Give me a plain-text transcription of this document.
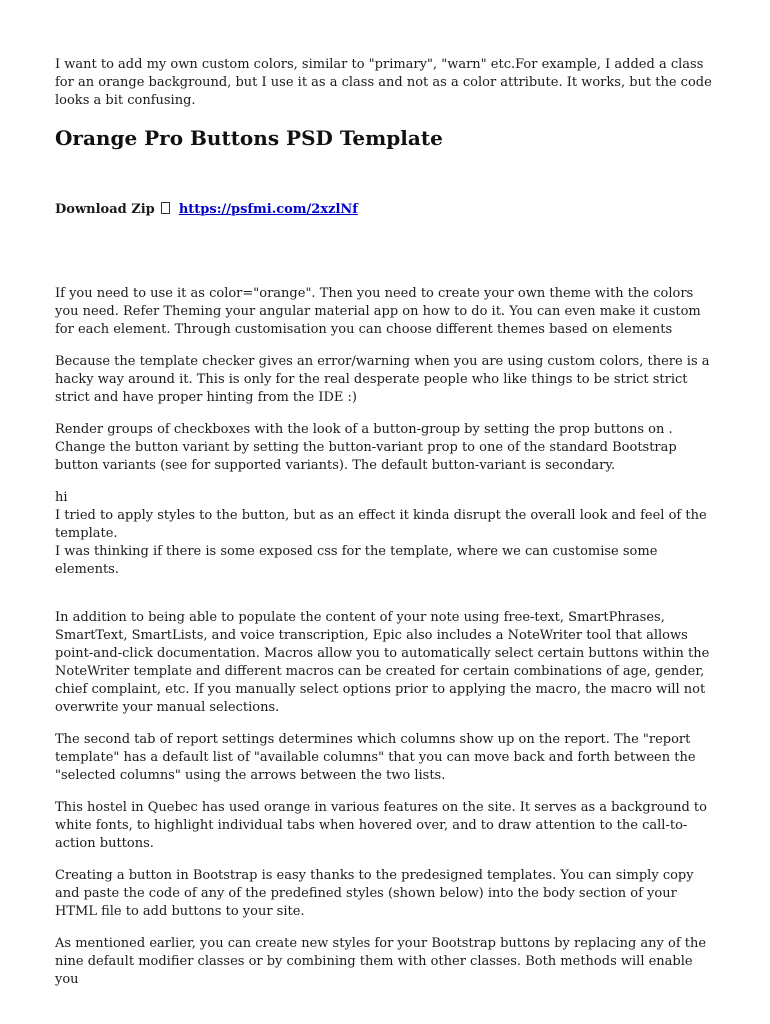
I want to add my own custom colors, similar to "primary", "warn" etc.For example, I added a class for an orange background, but I use it as a class and not as a color attribute. It works, but the code looks a bit confusing.

Orange Pro Buttons PSD Template
Download Zip https://psfmi.com/2xzlNf

If you need to use it as color="orange". Then you need to create your own theme with the colors you need. Refer Theming your angular material app on how to do it. You can even make it custom for each element. Through customisation you can choose different themes based on elements

Because the template checker gives an error/warning when you are using custom colors, there is a hacky way around it. This is only for the real desperate people who like things to be strict strict strict and have proper hinting from the IDE :)

Render groups of checkboxes with the look of a button-group by setting the prop buttons on . Change the button variant by setting the button-variant prop to one of the standard Bootstrap button variants (see for supported variants). The default button-variant is secondary.

hi
I tried to apply styles to the button, but as an effect it kinda disrupt the overall look and feel of the template.
I was thinking if there is some exposed css for the template, where we can customise some elements.

In addition to being able to populate the content of your note using free-text, SmartPhrases, SmartText, SmartLists, and voice transcription, Epic also includes a NoteWriter tool that allows point-and-click documentation. Macros allow you to automatically select certain buttons within the NoteWriter template and different macros can be created for certain combinations of age, gender, chief complaint, etc. If you manually select options prior to applying the macro, the macro will not overwrite your manual selections.

The second tab of report settings determines which columns show up on the report. The "report template" has a default list of "available columns" that you can move back and forth between the "selected columns" using the arrows between the two lists.

This hostel in Quebec has used orange in various features on the site. It serves as a background to white fonts, to highlight individual tabs when hovered over, and to draw attention to the call-to-action buttons.

Creating a button in Bootstrap is easy thanks to the predesigned templates. You can simply copy and paste the code of any of the predefined styles (shown below) into the body section of your HTML file to add buttons to your site.

As mentioned earlier, you can create new styles for your Bootstrap buttons by replacing any of the nine default modifier classes or by combining them with other classes. Both methods will enable you
